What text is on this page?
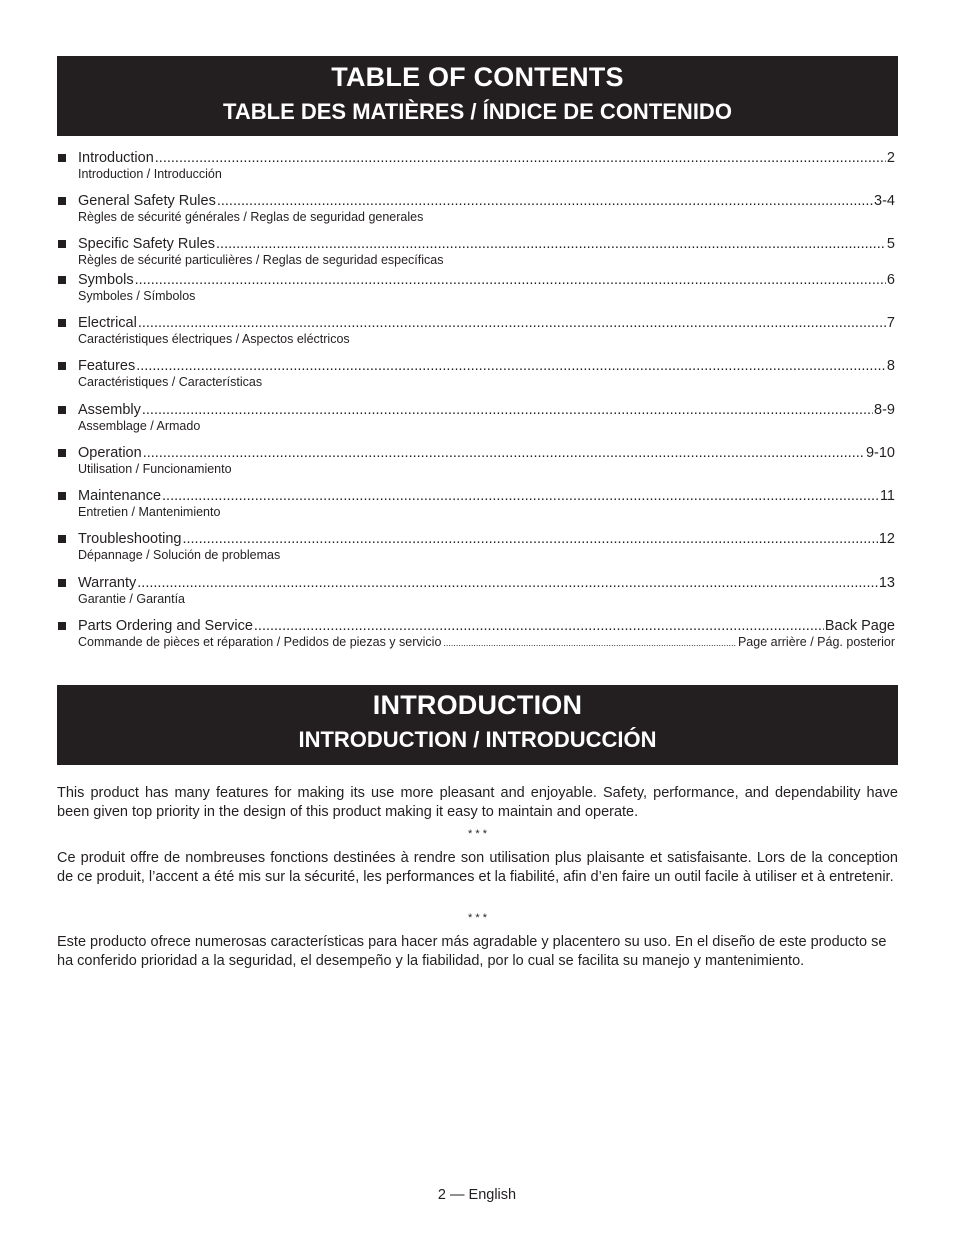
TABLE OF CONTENTS
TABLE DES MATIÈRES / ÍNDICE DE CONTENIDO
Introduction .....	2
Introduction / Introducción
General Safety Rules .....	3-4
Règles de sécurité générales / Reglas de seguridad generales
Specific Safety Rules .....	5
Règles de sécurité particulières / Reglas de seguridad específicas
Symbols .....	6
Symboles / Símbolos
Electrical .....	7
Caractéristiques électriques / Aspectos eléctricos
Features .....	8
Caractéristiques / Características
Assembly .....	8-9
Assemblage / Armado
Operation .....	9-10
Utilisation / Funcionamiento
Maintenance .....	11
Entretien / Mantenimiento
Troubleshooting .....	12
Dépannage / Solución de problemas
Warranty .....	13
Garantie / Garantía
Parts Ordering and Service .....	Back Page
Commande de pièces et réparation / Pedidos de piezas y servicio .....	Page arrière / Pág. posterior
INTRODUCTION
INTRODUCTION / INTRODUCCIÓN
This product has many features for making its use more pleasant and enjoyable. Safety, performance, and dependability have been given top priority in the design of this product making it easy to maintain and operate.
* * *
Ce produit offre de nombreuses fonctions destinées à rendre son utilisation plus plaisante et satisfaisante. Lors de la conception de ce produit, l’accent a été mis sur la sécurité, les performances et la fiabilité, afin d’en faire un outil facile à utiliser et à entretenir.
* * *
Este producto ofrece numerosas características para hacer más agradable y placentero su uso. En el diseño de este producto se ha conferido prioridad a la seguridad, el desempeño y la fiabilidad, por lo cual se facilita su manejo y mantenimiento.
2 — English
